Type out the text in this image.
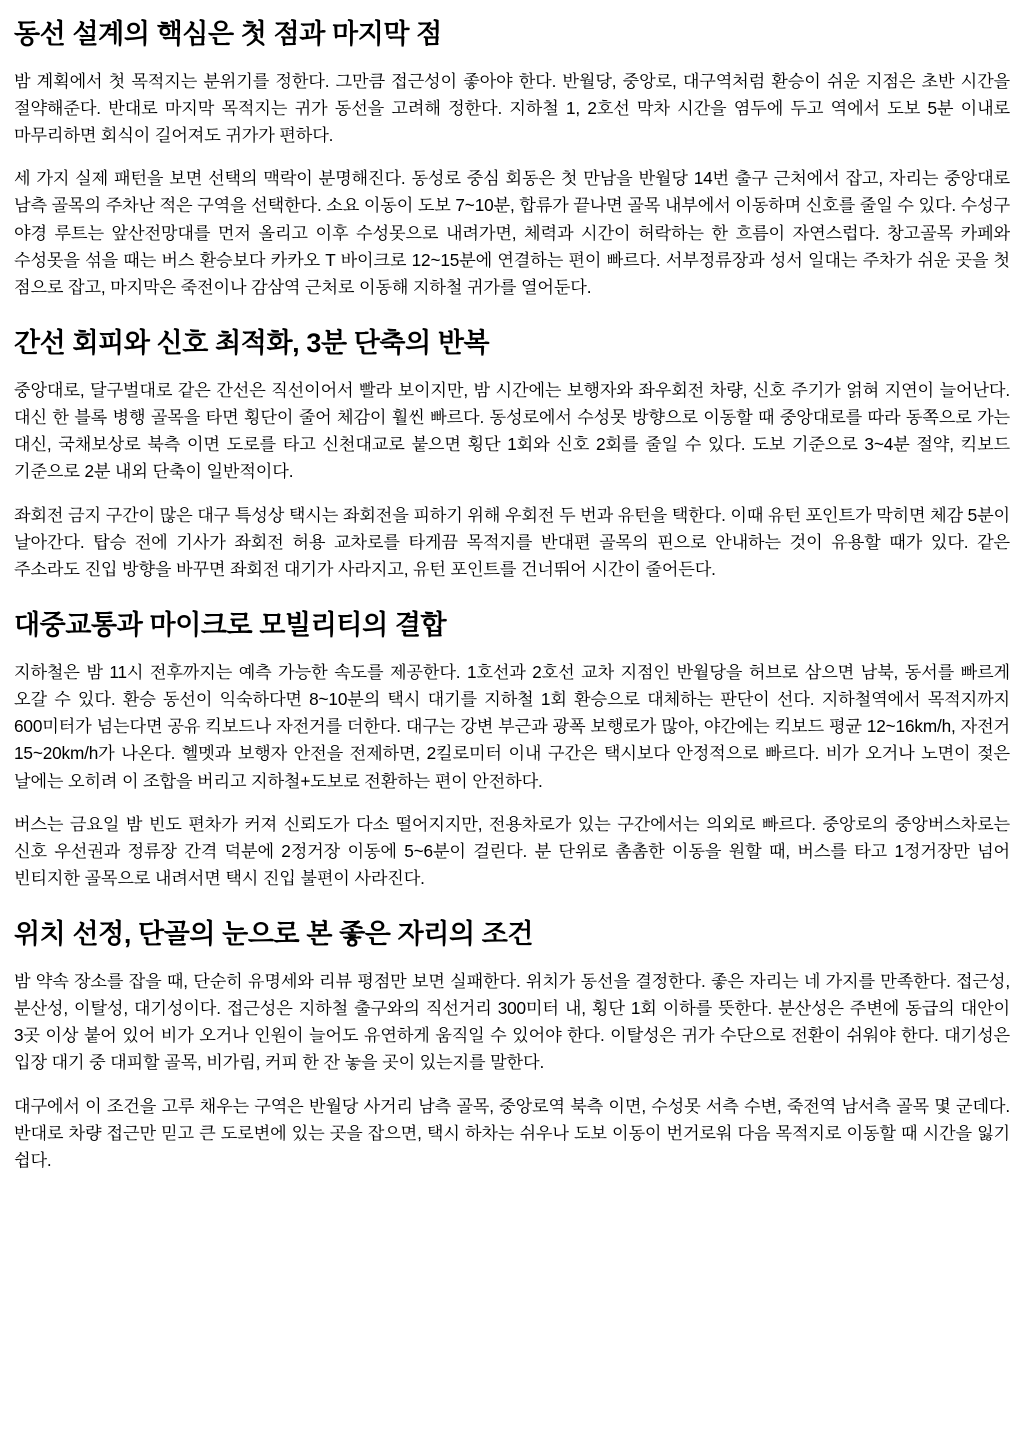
동선 설계의 핵심은 첫 점과 마지막 점

밤 계획에서 첫 목적지는 분위기를 정한다. 그만큼 접근성이 좋아야 한다. 반월당, 중앙로, 대구역처럼 환승이 쉬운 지점은 초반 시간을 절약해준다. 반대로 마지막 목적지는 귀가 동선을 고려해 정한다. 지하철 1, 2호선 막차 시간을 염두에 두고 역에서 도보 5분 이내로 마무리하면 회식이 길어져도 귀가가 편하다.

세 가지 실제 패턴을 보면 선택의 맥락이 분명해진다. 동성로 중심 회동은 첫 만남을 반월당 14번 출구 근처에서 잡고, 자리는 중앙대로 남측 골목의 주차난 적은 구역을 선택한다. 소요 이동이 도보 7~10분, 합류가 끝나면 골목 내부에서 이동하며 신호를 줄일 수 있다. 수성구 야경 루트는 앞산전망대를 먼저 올리고 이후 수성못으로 내려가면, 체력과 시간이 허락하는 한 흐름이 자연스럽다. 창고골목 카페와 수성못을 섞을 때는 버스 환승보다 카카오 T 바이크로 12~15분에 연결하는 편이 빠르다. 서부정류장과 성서 일대는 주차가 쉬운 곳을 첫 점으로 잡고, 마지막은 죽전이나 감삼역 근처로 이동해 지하철 귀가를 열어둔다.

간선 회피와 신호 최적화, 3분 단축의 반복

중앙대로, 달구벌대로 같은 간선은 직선이어서 빨라 보이지만, 밤 시간에는 보행자와 좌우회전 차량, 신호 주기가 얽혀 지연이 늘어난다. 대신 한 블록 병행 골목을 타면 횡단이 줄어 체감이 훨씬 빠르다. 동성로에서 수성못 방향으로 이동할 때 중앙대로를 따라 동쪽으로 가는 대신, 국채보상로 북측 이면 도로를 타고 신천대교로 붙으면 횡단 1회와 신호 2회를 줄일 수 있다. 도보 기준으로 3~4분 절약, 킥보드 기준으로 2분 내외 단축이 일반적이다.

좌회전 금지 구간이 많은 대구 특성상 택시는 좌회전을 피하기 위해 우회전 두 번과 유턴을 택한다. 이때 유턴 포인트가 막히면 체감 5분이 날아간다. 탑승 전에 기사가 좌회전 허용 교차로를 타게끔 목적지를 반대편 골목의 핀으로 안내하는 것이 유용할 때가 있다. 같은 주소라도 진입 방향을 바꾸면 좌회전 대기가 사라지고, 유턴 포인트를 건너뛰어 시간이 줄어든다.

대중교통과 마이크로 모빌리티의 결합

지하철은 밤 11시 전후까지는 예측 가능한 속도를 제공한다. 1호선과 2호선 교차 지점인 반월당을 허브로 삼으면 남북, 동서를 빠르게 오갈 수 있다. 환승 동선이 익숙하다면 8~10분의 택시 대기를 지하철 1회 환승으로 대체하는 판단이 선다. 지하철역에서 목적지까지 600미터가 넘는다면 공유 킥보드나 자전거를 더한다. 대구는 강변 부근과 광폭 보행로가 많아, 야간에는 킥보드 평균 12~16km/h, 자전거 15~20km/h가 나온다. 헬멧과 보행자 안전을 전제하면, 2킬로미터 이내 구간은 택시보다 안정적으로 빠르다. 비가 오거나 노면이 젖은 날에는 오히려 이 조합을 버리고 지하철+도보로 전환하는 편이 안전하다.

버스는 금요일 밤 빈도 편차가 커져 신뢰도가 다소 떨어지지만, 전용차로가 있는 구간에서는 의외로 빠르다. 중앙로의 중앙버스차로는 신호 우선권과 정류장 간격 덕분에 2정거장 이동에 5~6분이 걸린다. 분 단위로 촘촘한 이동을 원할 때, 버스를 타고 1정거장만 넘어 빈티지한 골목으로 내려서면 택시 진입 불편이 사라진다.

위치 선정, 단골의 눈으로 본 좋은 자리의 조건

밤 약속 장소를 잡을 때, 단순히 유명세와 리뷰 평점만 보면 실패한다. 위치가 동선을 결정한다. 좋은 자리는 네 가지를 만족한다. 접근성, 분산성, 이탈성, 대기성이다. 접근성은 지하철 출구와의 직선거리 300미터 내, 횡단 1회 이하를 뜻한다. 분산성은 주변에 동급의 대안이 3곳 이상 붙어 있어 비가 오거나 인원이 늘어도 유연하게 움직일 수 있어야 한다. 이탈성은 귀가 수단으로 전환이 쉬워야 한다. 대기성은 입장 대기 중 대피할 골목, 비가림, 커피 한 잔 놓을 곳이 있는지를 말한다.

대구에서 이 조건을 고루 채우는 구역은 반월당 사거리 남측 골목, 중앙로역 북측 이면, 수성못 서측 수변, 죽전역 남서측 골목 몇 군데다. 반대로 차량 접근만 믿고 큰 도로변에 있는 곳을 잡으면, 택시 하차는 쉬우나 도보 이동이 번거로워 다음 목적지로 이동할 때 시간을 잃기 쉽다.
